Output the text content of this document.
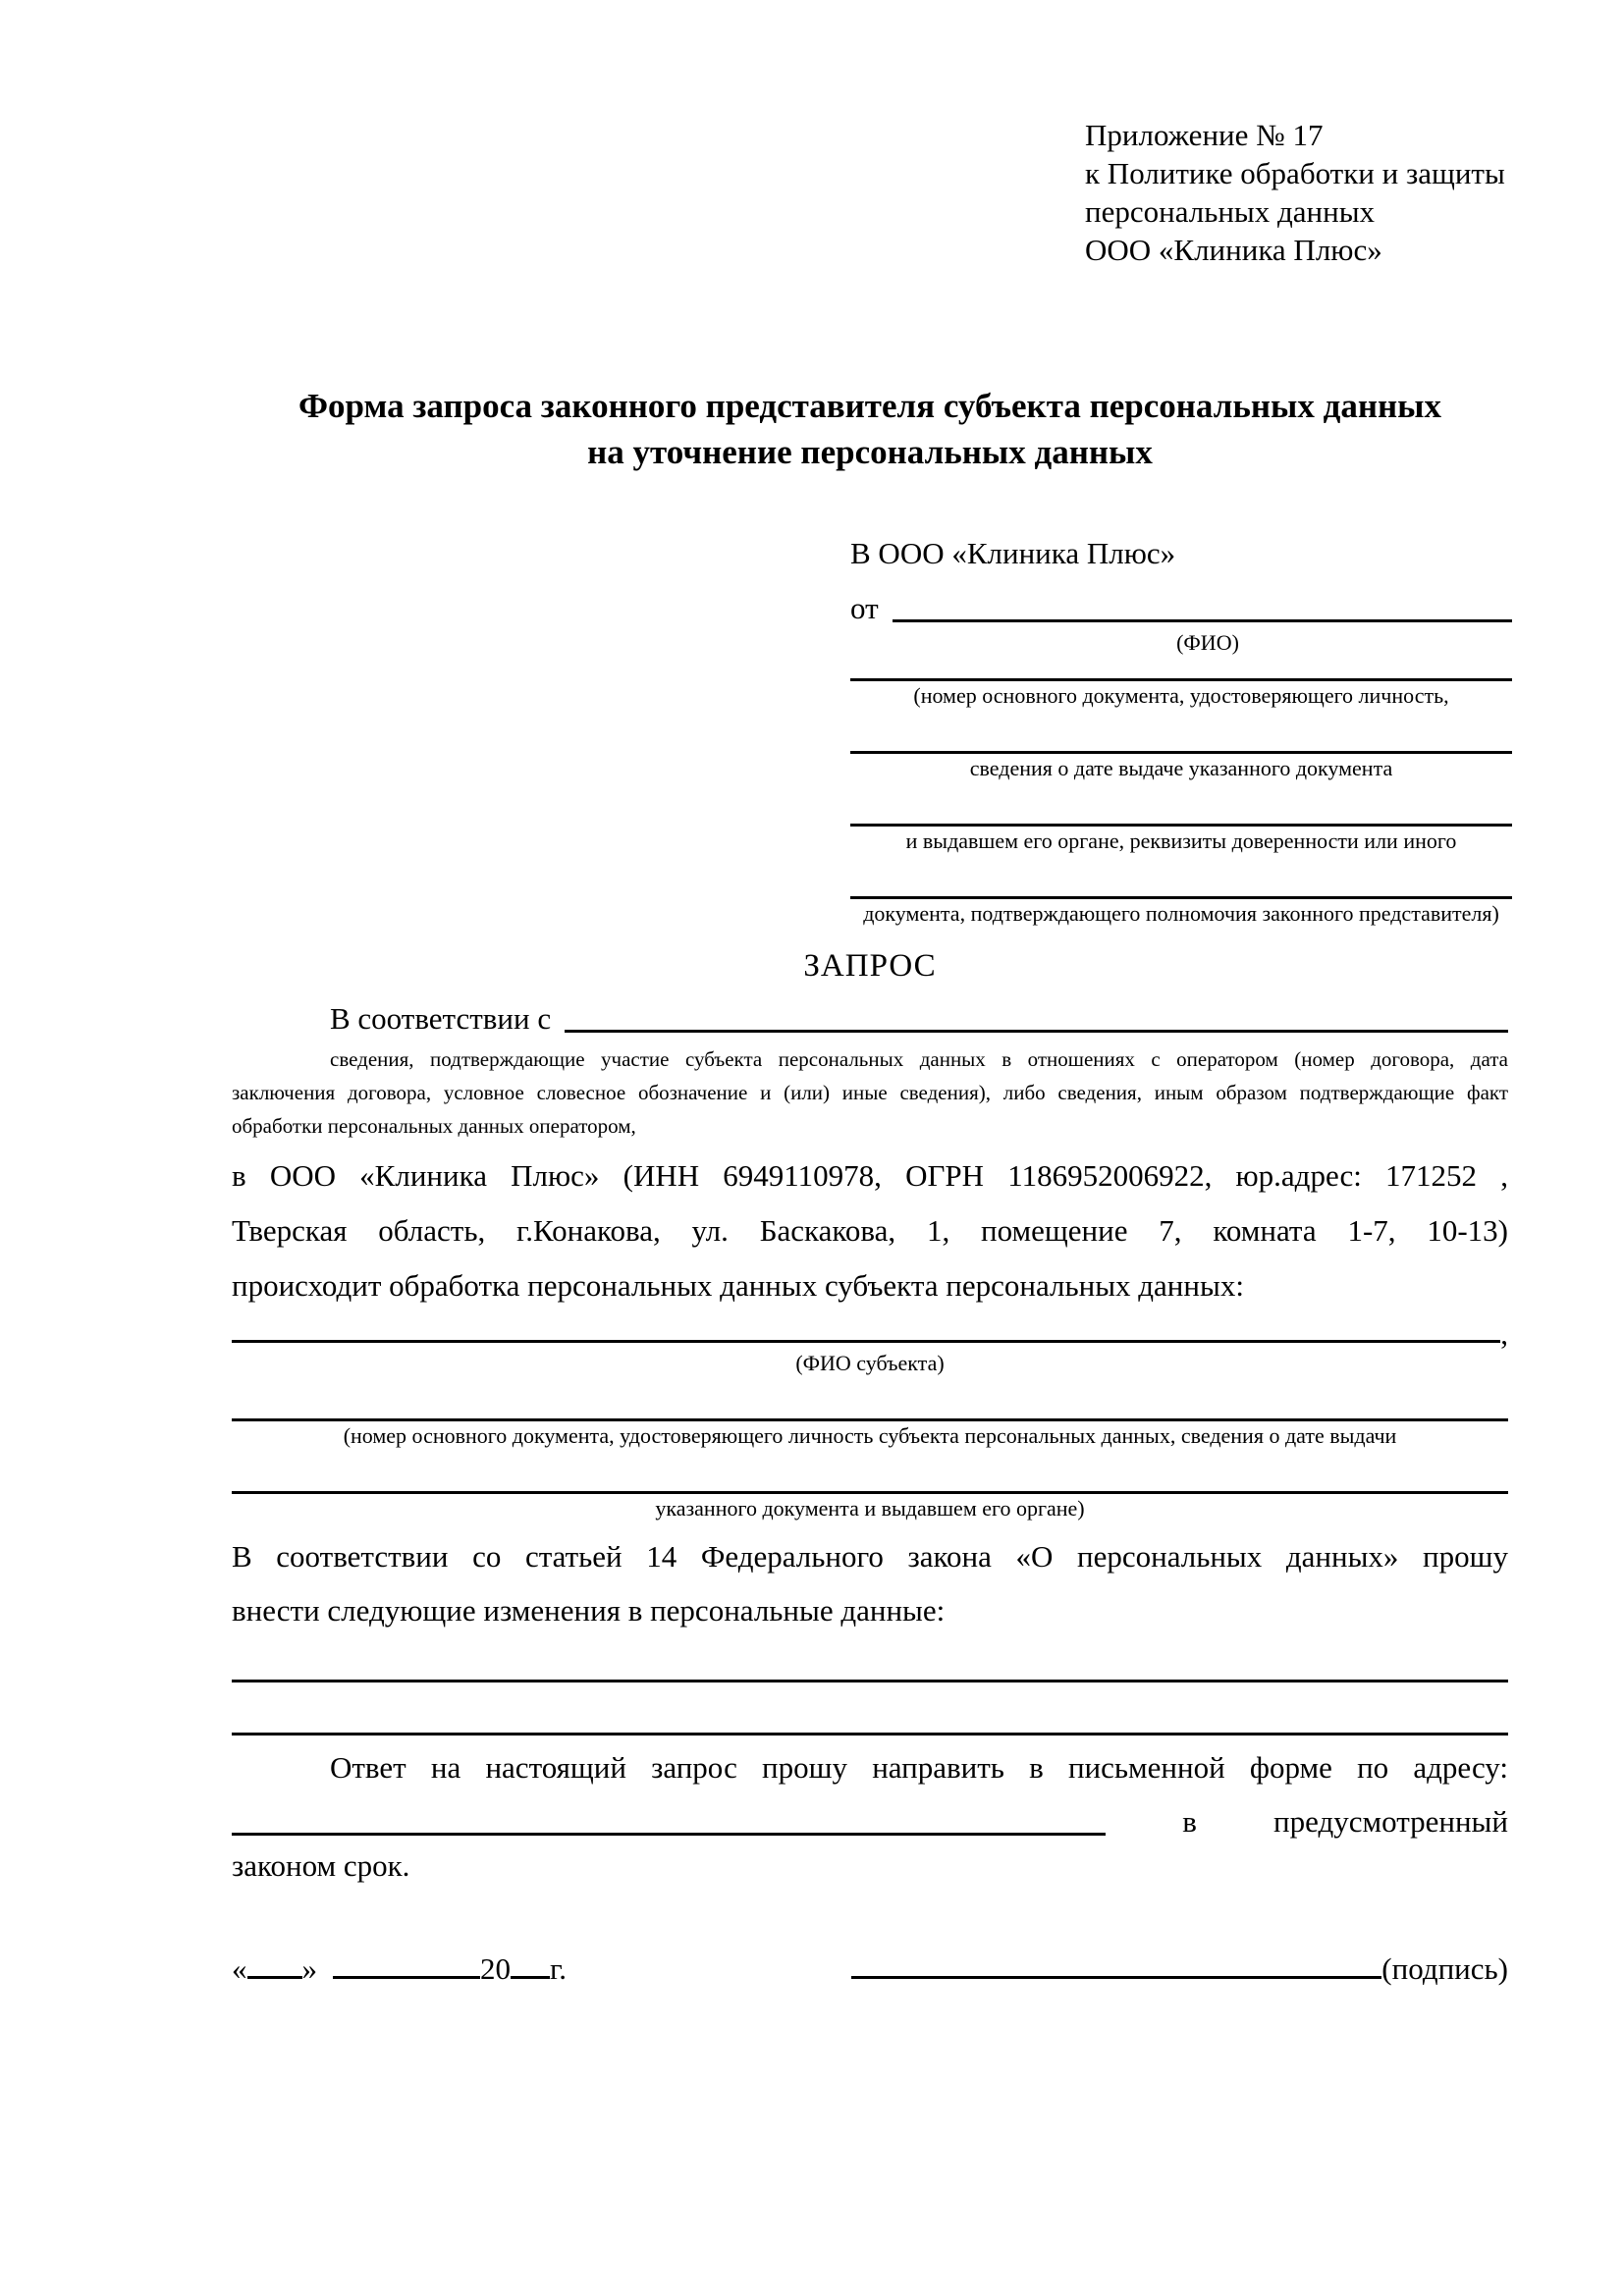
Приложение № 17
к Политике обработки и защиты
персональных данных
ООО «Клиника Плюс»
Форма запроса законного представителя субъекта персональных данных
на уточнение персональных данных
В ООО «Клиника Плюс»
от
(ФИО)
(номер основного документа, удостоверяющего личность,
сведения о дате выдаче указанного документа
и выдавшем его органе, реквизиты доверенности или иного
документа, подтверждающего полномочия законного представителя)
ЗАПРОС
В соответствии с
сведения, подтверждающие участие субъекта персональных данных в отношениях с оператором (номер договора, дата
заключения договора, условное словесное обозначение и (или) иные сведения), либо сведения, иным образом подтверждающие факт
обработки персональных данных оператором,
в ООО «Клиника Плюс» (ИНН 6949110978, ОГРН 1186952006922, юр.адрес: 171252 ,
Тверская область, г.Конакова, ул. Баскакова, 1, помещение 7, комната 1-7, 10-13)
происходит обработка персональных данных субъекта персональных данных:
,
(ФИО субъекта)
(номер основного документа, удостоверяющего личность субъекта персональных данных, сведения о дате выдачи
указанного документа и выдавшем его органе)
В соответствии со статьей 14 Федерального закона «О персональных данных» прошу
внести следующие изменения в персональные данные:
Ответ на настоящий запрос прошу направить в письменной форме по адресу:
в	предусмотренный
законом срок.
« »	20 г.	(подпись)
